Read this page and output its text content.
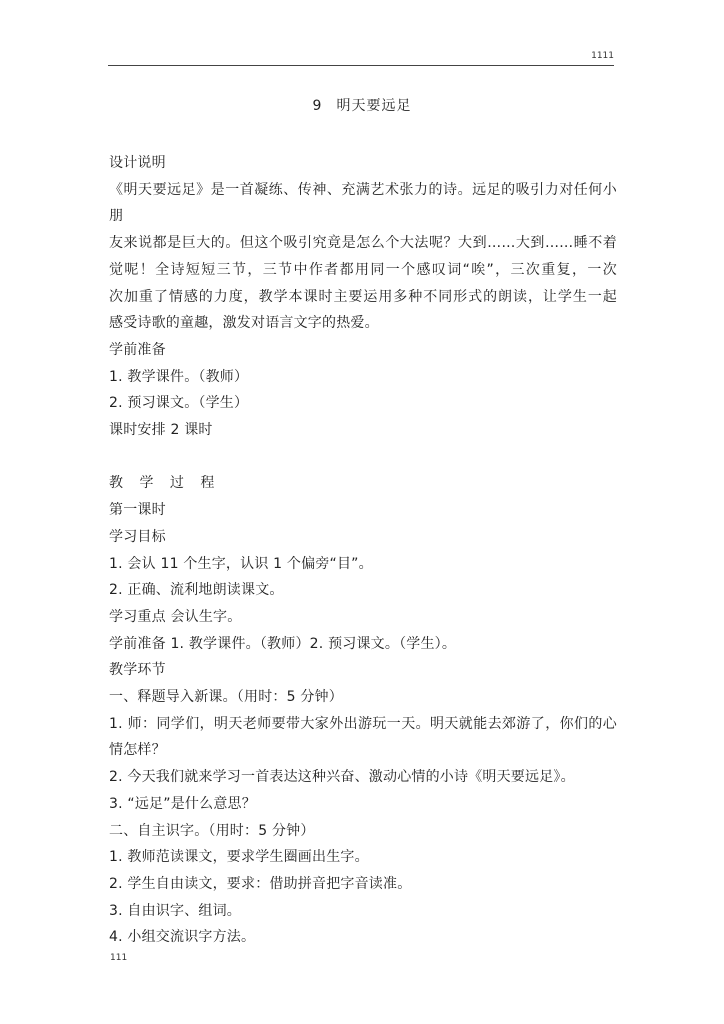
1111
9 明天要远足
设计说明
《明天要远足》是一首凝练、传神、充满艺术张力的诗。远足的吸引力对任何小朋
友来说都是巨大的。但这个吸引究竟是怎么个大法呢？大到……大到……睡不着
觉呢！全诗短短三节，三节中作者都用同一个感叹词“唉”，三次重复，一次
次加重了情感的力度，教学本课时主要运用多种不同形式的朗读，让学生一起
感受诗歌的童趣，激发对语言文字的热爱。
学前准备
1. 教学课件。（教师）
2. 预习课文。（学生）
课时安排 2 课时
教 学 过 程
第一课时
学习目标
1. 会认 11 个生字，认识 1 个偏旁“目”。
2. 正确、流利地朗读课文。
学习重点 会认生字。
学前准备 1. 教学课件。（教师）2. 预习课文。（学生）。
教学环节
一、释题导入新课。（用时：5 分钟）
1. 师：同学们，明天老师要带大家外出游玩一天。明天就能去郊游了，你们的心
情怎样？
2. 今天我们就来学习一首表达这种兴奋、激动心情的小诗《明天要远足》。
3. “远足”是什么意思？
二、自主识字。（用时：5 分钟）
1. 教师范读课文，要求学生圈画出生字。
2. 学生自由读文，要求：借助拼音把字音读准。
3. 自由识字、组词。
4. 小组交流识字方法。
111
